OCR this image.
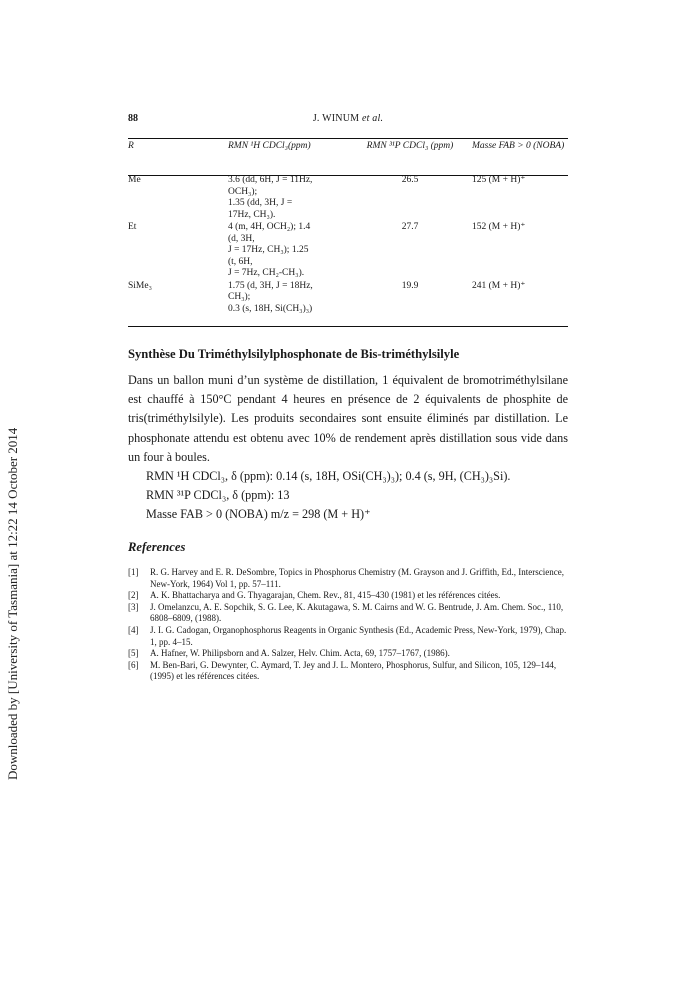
Downloaded by [University of Tasmania] at 12:22 14 October 2014
88	J. WINUM et al.
R	RMN ¹H CDCl₃(ppm)	RMN ³¹P CDCl₃ (ppm)	Masse FAB > 0 (NOBA)
Me	3.6 (dd, 6H, J = 11Hz,
OCH₃);
1.35 (dd, 3H, J =
17Hz, CH₃).	26.5	125 (M + H)⁺
Et	4 (m, 4H, OCH₂); 1.4
(d, 3H,
J = 17Hz, CH₃); 1.25
(t, 6H,
J = 7Hz, CH₂-CH₃).	27.7	152 (M + H)⁺
SiMe₃	1.75 (d, 3H, J = 18Hz,
CH₃);
0.3 (s, 18H, Si(CH₃)₃)	19.9	241 (M + H)⁺
Synthèse Du Triméthylsilylphosphonate de Bis-triméthylsilyle

Dans un ballon muni d’un système de distillation, 1 équivalent de bromotriméthylsilane est chauffé à 150°C pendant 4 heures en présence de 2 équivalents de phosphite de tris(triméthylsilyle). Les produits secondaires sont ensuite éliminés par distillation. Le phosphonate attendu est obtenu avec 10% de rendement après distillation sous vide dans un four à boules.

RMN ¹H CDCl₃, δ (ppm): 0.14 (s, 18H, OSi(CH₃)₃); 0.4 (s, 9H, (CH₃)₃Si).

RMN ³¹P CDCl₃, δ (ppm): 13

Masse FAB > 0 (NOBA) m/z = 298 (M + H)⁺

References
[1]	R. G. Harvey and E. R. DeSombre, Topics in Phosphorus Chemistry (M. Grayson and J. Griffith, Ed., Interscience, New-York, 1964) Vol 1, pp. 57–111.
[2]	A. K. Bhattacharya and G. Thyagarajan, Chem. Rev., 81, 415–430 (1981) et les références citées.
[3]	J. Omelanzcu, A. E. Sopchik, S. G. Lee, K. Akutagawa, S. M. Cairns and W. G. Bentrude, J. Am. Chem. Soc., 110, 6808–6809, (1988).
[4]	J. I. G. Cadogan, Organophosphorus Reagents in Organic Synthesis (Ed., Academic Press, New-York, 1979), Chap. 1, pp. 4–15.
[5]	A. Hafner, W. Philipsborn and A. Salzer, Helv. Chim. Acta, 69, 1757–1767, (1986).
[6]	M. Ben-Bari, G. Dewynter, C. Aymard, T. Jey and J. L. Montero, Phosphorus, Sulfur, and Silicon, 105, 129–144, (1995) et les références citées.
